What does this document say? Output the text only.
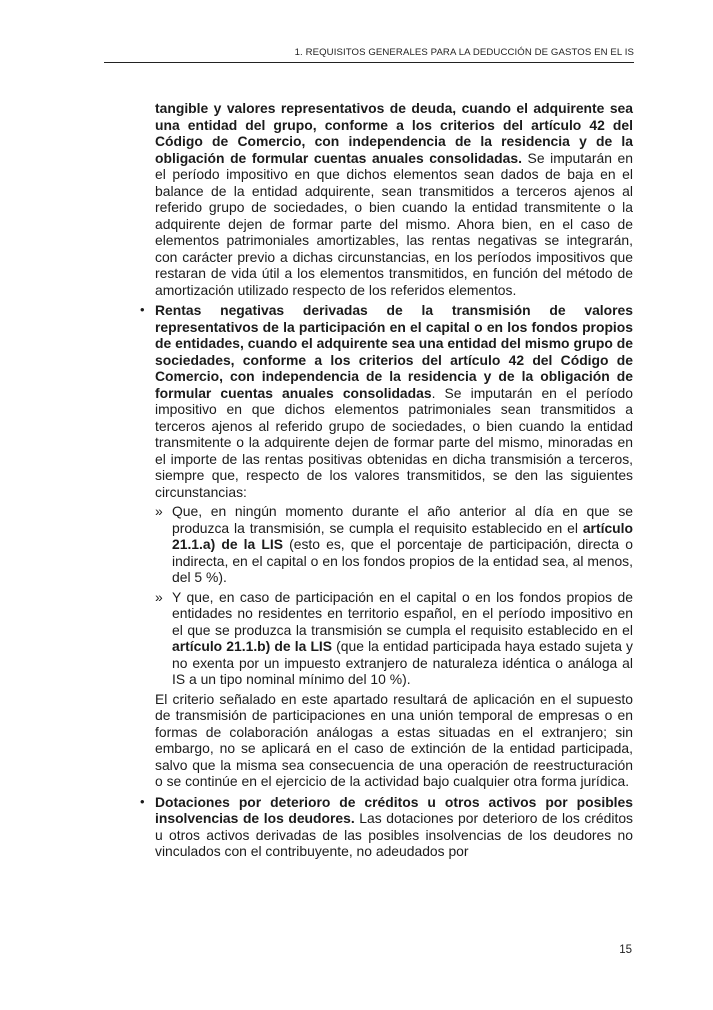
1. REQUISITOS GENERALES PARA LA DEDUCCIÓN DE GASTOS EN EL IS

tangible y valores representativos de deuda, cuando el adquirente sea una entidad del grupo, conforme a los criterios del artículo 42 del Código de Comercio, con independencia de la residencia y de la obligación de formular cuentas anuales consolidadas. Se imputarán en el período impositivo en que dichos elementos sean dados de baja en el balance de la entidad adquirente, sean transmitidos a terceros ajenos al referido grupo de sociedades, o bien cuando la entidad transmitente o la adquirente dejen de formar parte del mismo. Ahora bien, en el caso de elementos patrimoniales amortizables, las rentas negativas se integrarán, con carácter previo a dichas circunstancias, en los períodos impositivos que restaran de vida útil a los elementos transmitidos, en función del método de amortización utilizado respecto de los referidos elementos.

• Rentas negativas derivadas de la transmisión de valores representativos de la participación en el capital o en los fondos propios de entidades, cuando el adquirente sea una entidad del mismo grupo de sociedades, conforme a los criterios del artículo 42 del Código de Comercio, con independencia de la residencia y de la obligación de formular cuentas anuales consolidadas. Se imputarán en el período impositivo en que dichos elementos patrimoniales sean transmitidos a terceros ajenos al referido grupo de sociedades, o bien cuando la entidad transmitente o la adquirente dejen de formar parte del mismo, minoradas en el importe de las rentas positivas obtenidas en dicha transmisión a terceros, siempre que, respecto de los valores transmitidos, se den las siguientes circunstancias:

» Que, en ningún momento durante el año anterior al día en que se produzca la transmisión, se cumpla el requisito establecido en el artículo 21.1.a) de la LIS (esto es, que el porcentaje de participación, directa o indirecta, en el capital o en los fondos propios de la entidad sea, al menos, del 5 %).

» Y que, en caso de participación en el capital o en los fondos propios de entidades no residentes en territorio español, en el período impositivo en el que se produzca la transmisión se cumpla el requisito establecido en el artículo 21.1.b) de la LIS (que la entidad participada haya estado sujeta y no exenta por un impuesto extranjero de naturaleza idéntica o análoga al IS a un tipo nominal mínimo del 10 %).

El criterio señalado en este apartado resultará de aplicación en el supuesto de transmisión de participaciones en una unión temporal de empresas o en formas de colaboración análogas a estas situadas en el extranjero; sin embargo, no se aplicará en el caso de extinción de la entidad participada, salvo que la misma sea consecuencia de una operación de reestructuración o se continúe en el ejercicio de la actividad bajo cualquier otra forma jurídica.

• Dotaciones por deterioro de créditos u otros activos por posibles insolvencias de los deudores. Las dotaciones por deterioro de los créditos u otros activos derivadas de las posibles insolvencias de los deudores no vinculados con el contribuyente, no adeudados por

15
